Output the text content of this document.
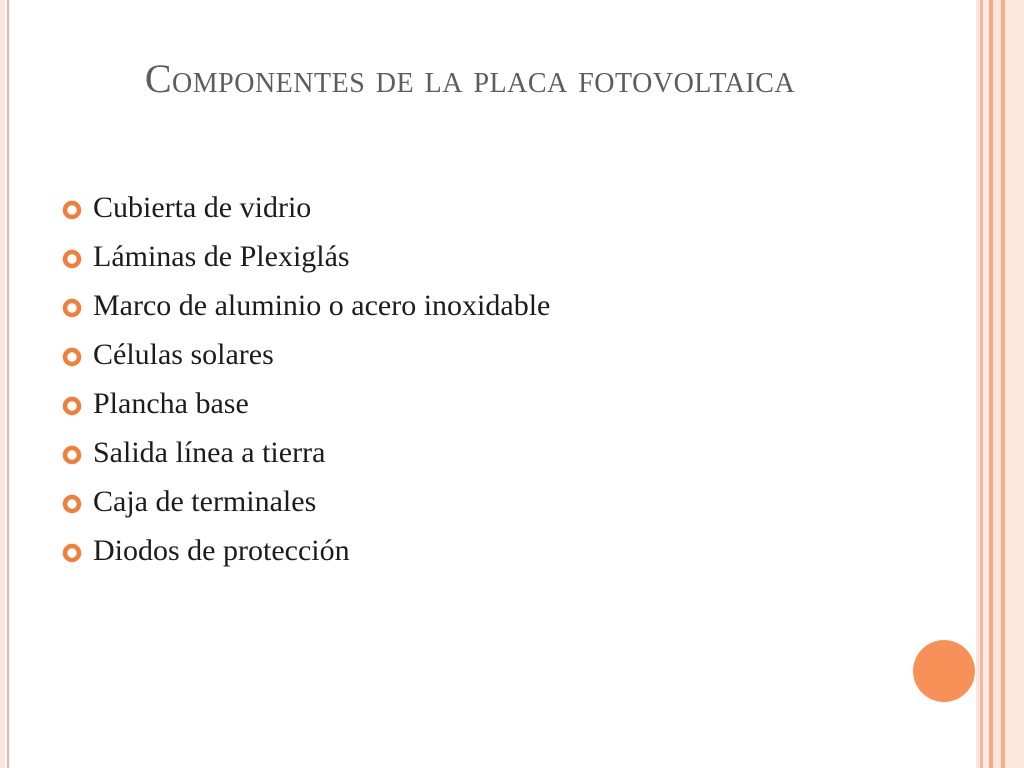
Componentes de la placa fotovoltaica
Cubierta de vidrio
Láminas de Plexiglás
Marco de aluminio o acero inoxidable
Células solares
Plancha base
Salida línea a tierra
Caja de terminales
Diodos de protección
